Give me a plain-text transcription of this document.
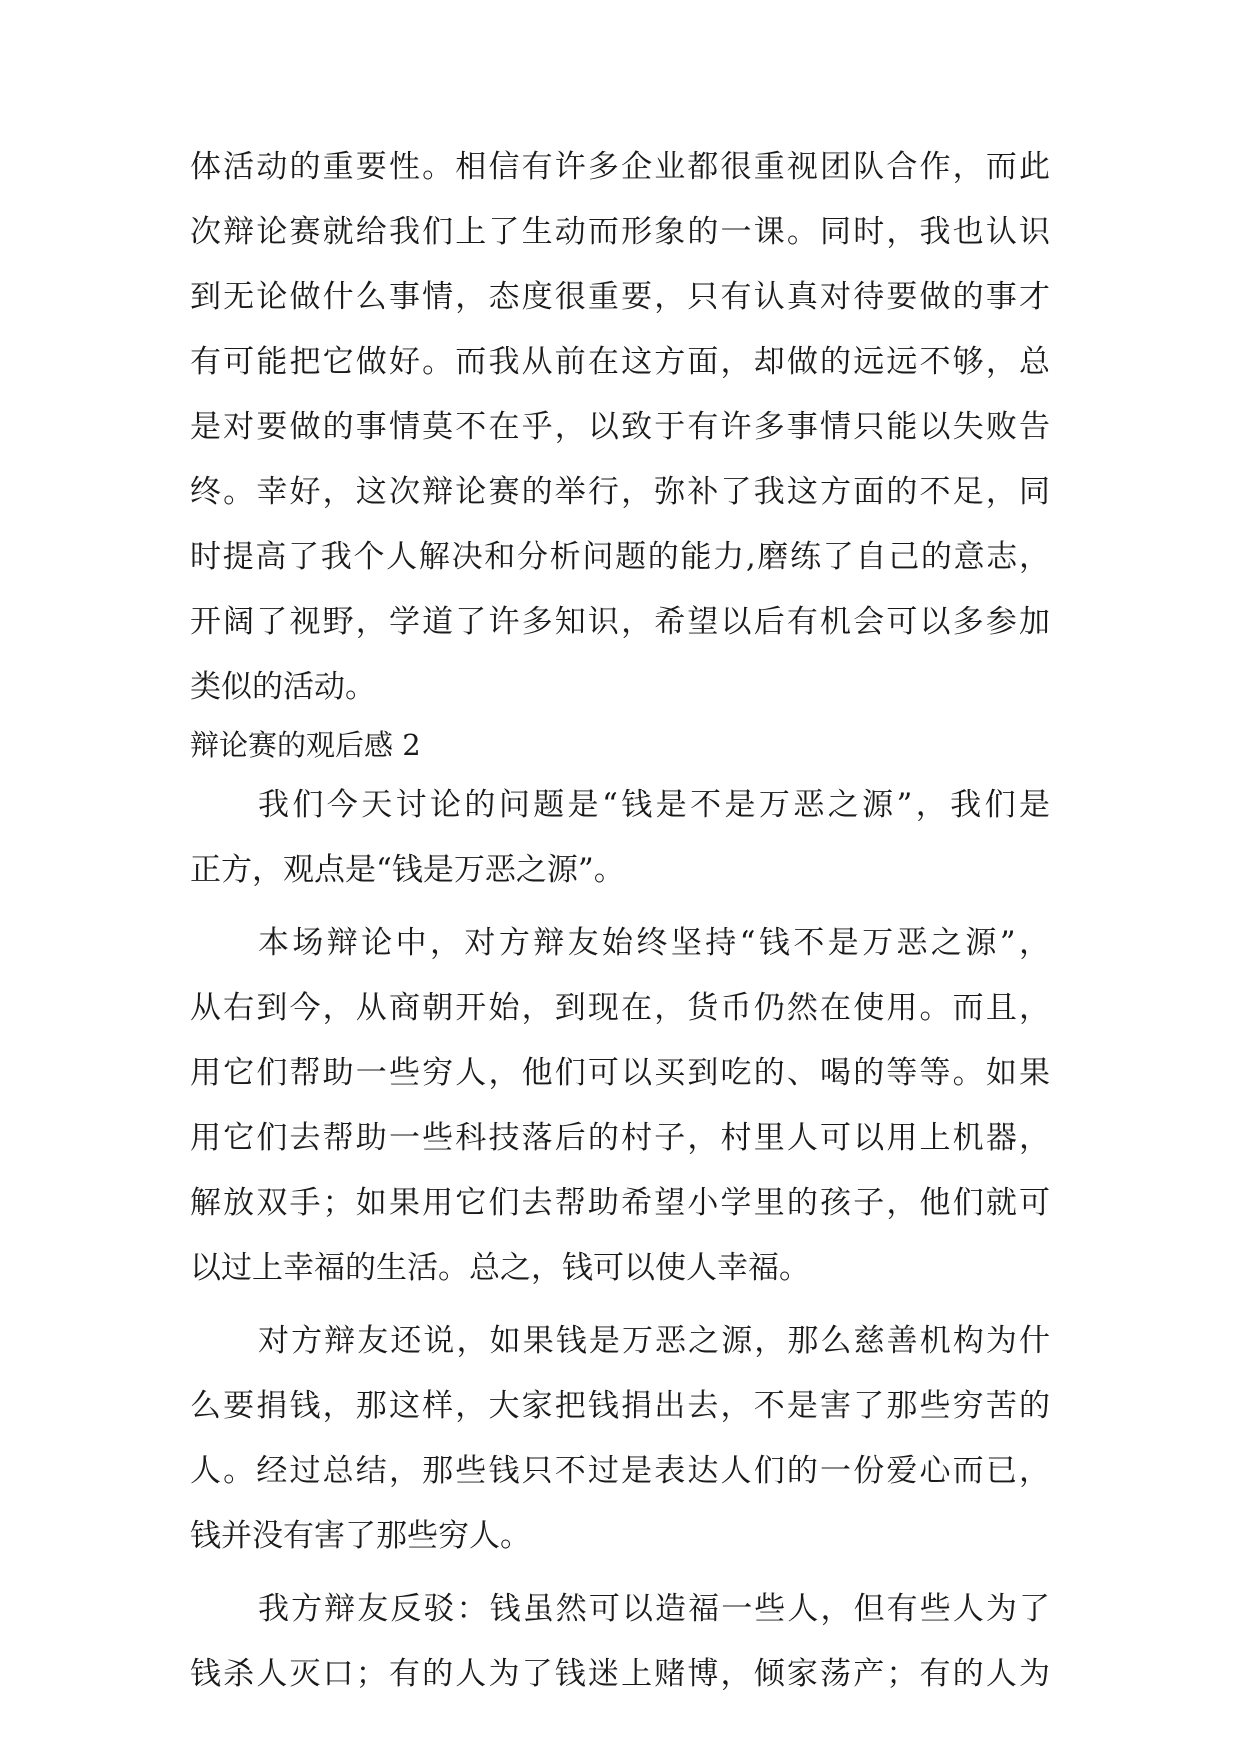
体活动的重要性。相信有许多企业都很重视团队合作，而此
次辩论赛就给我们上了生动而形象的一课。同时，我也认识
到无论做什么事情，态度很重要，只有认真对待要做的事才
有可能把它做好。而我从前在这方面，却做的远远不够，总
是对要做的事情莫不在乎，以致于有许多事情只能以失败告
终。幸好，这次辩论赛的举行，弥补了我这方面的不足，同
时提高了我个人解决和分析问题的能力,磨练了自己的意志，
开阔了视野，学道了许多知识，希望以后有机会可以多参加
类似的活动。
辩论赛的观后感 2
我们今天讨论的问题是“钱是不是万恶之源”，我们是
正方，观点是“钱是万恶之源”。
本场辩论中，对方辩友始终坚持“钱不是万恶之源”，
从右到今，从商朝开始，到现在，货币仍然在使用。而且，
用它们帮助一些穷人，他们可以买到吃的、喝的等等。如果
用它们去帮助一些科技落后的村子，村里人可以用上机器，
解放双手；如果用它们去帮助希望小学里的孩子，他们就可
以过上幸福的生活。总之，钱可以使人幸福。
对方辩友还说，如果钱是万恶之源，那么慈善机构为什
么要捐钱，那这样，大家把钱捐出去，不是害了那些穷苦的
人。经过总结，那些钱只不过是表达人们的一份爱心而已，
钱并没有害了那些穷人。
我方辩友反驳：钱虽然可以造福一些人，但有些人为了
钱杀人灭口；有的人为了钱迷上赌博，倾家荡产；有的人为
